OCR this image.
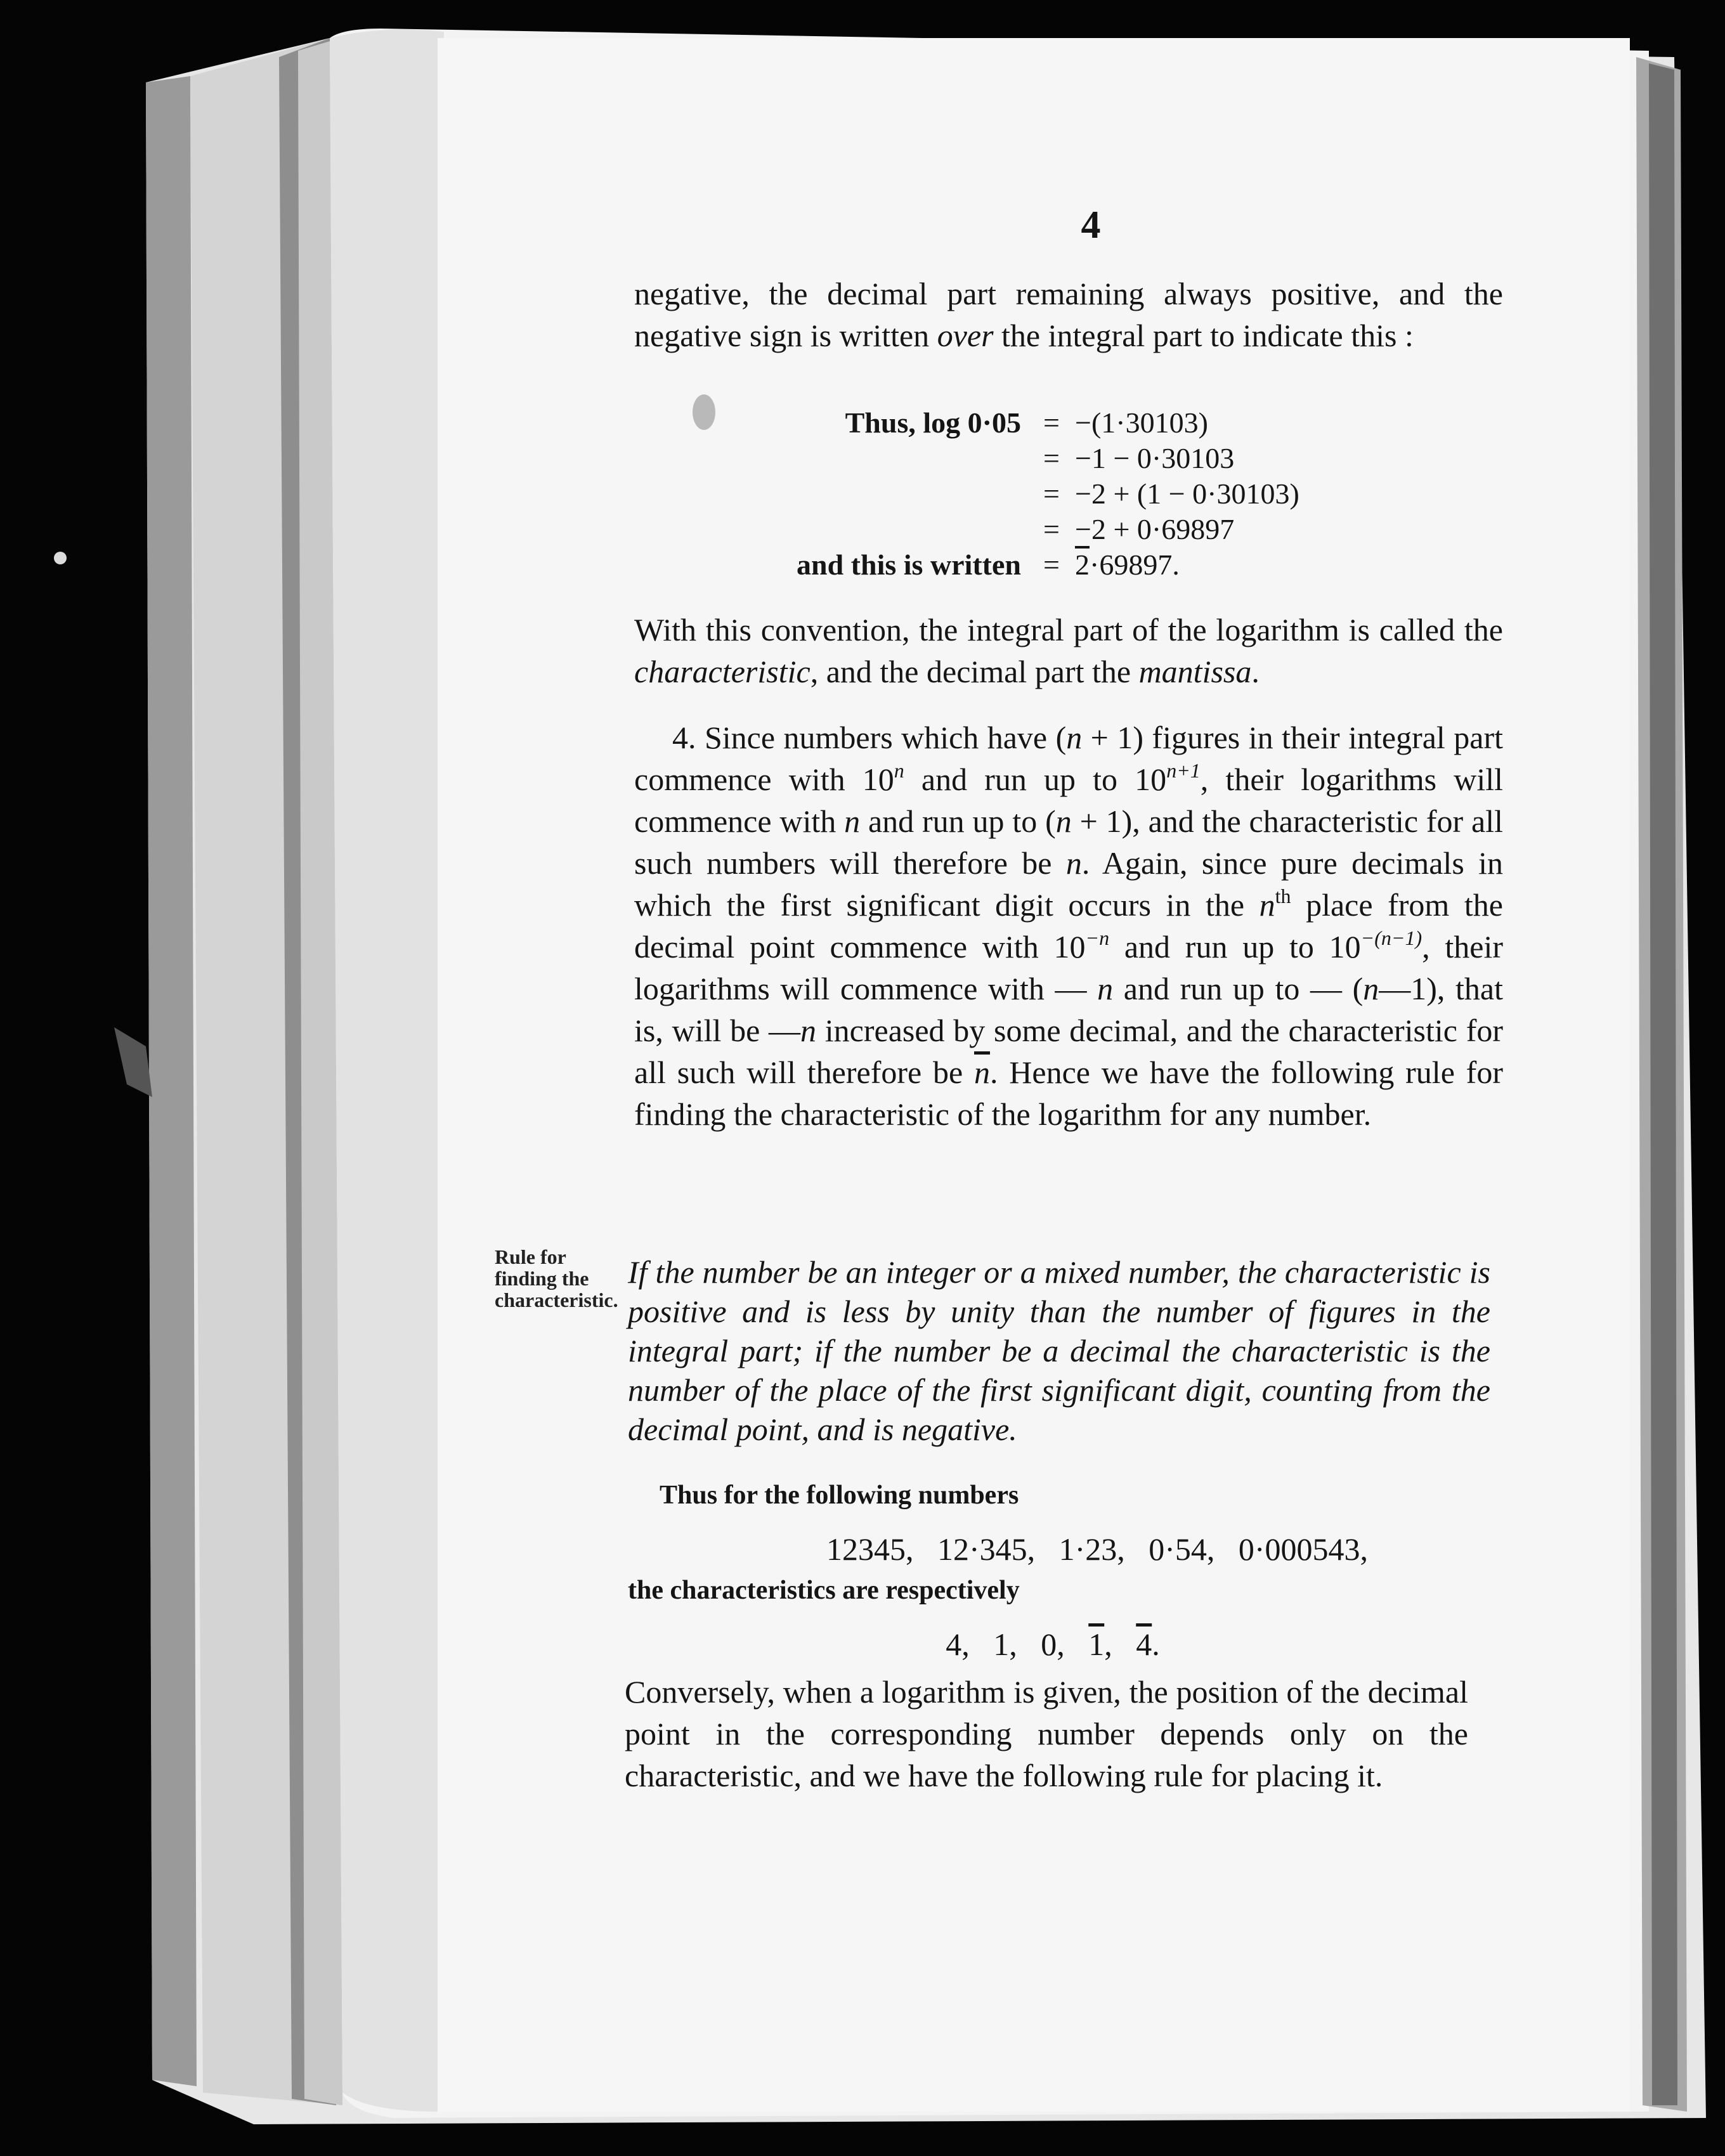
4

negative, the decimal part remaining always positive, and the negative sign is written over the integral part to indicate this :

Thus, log 0·05 = −(1·30103)
= −1 − 0·30103
= −2 + (1 − 0·30103)
= −2 + 0·69897
and this is written = 2·69897.

With this convention, the integral part of the logarithm is called the characteristic, and the decimal part the mantissa.

4. Since numbers which have (n + 1) figures in their integral part commence with 10$^n$ and run up to $10^{n+1}$, their logarithms will commence with n and run up to (n + 1), and the characteristic for all such numbers will therefore be n. Again, since pure decimals in which the first significant digit occurs in the $n^{th}$ place from the decimal point commence with $10^{-n}$ and run up to $10^{-(n-1)}$, their logarithms will commence with — n and run up to — (n—1), that is, will be —n increased by some decimal, and the characteristic for all such will therefore be $\overline{n}$. Hence we have the following rule for finding the characteristic of the logarithm for any number.

Rule for finding the characteristic.
If the number be an integer or a mixed number, the characteristic is positive and is less by unity than the number of figures in the integral part; if the number be a decimal the characteristic is the number of the place of the first significant digit, counting from the decimal point, and is negative.

Thus for the following numbers

12345,   12·345,   1·23,   0·54,   0·000543,

the characteristics are respectively

4,   1,   0,   1,   4.

Conversely, when a logarithm is given, the position of the decimal point in the corresponding number depends only on the characteristic, and we have the following rule for placing it.
